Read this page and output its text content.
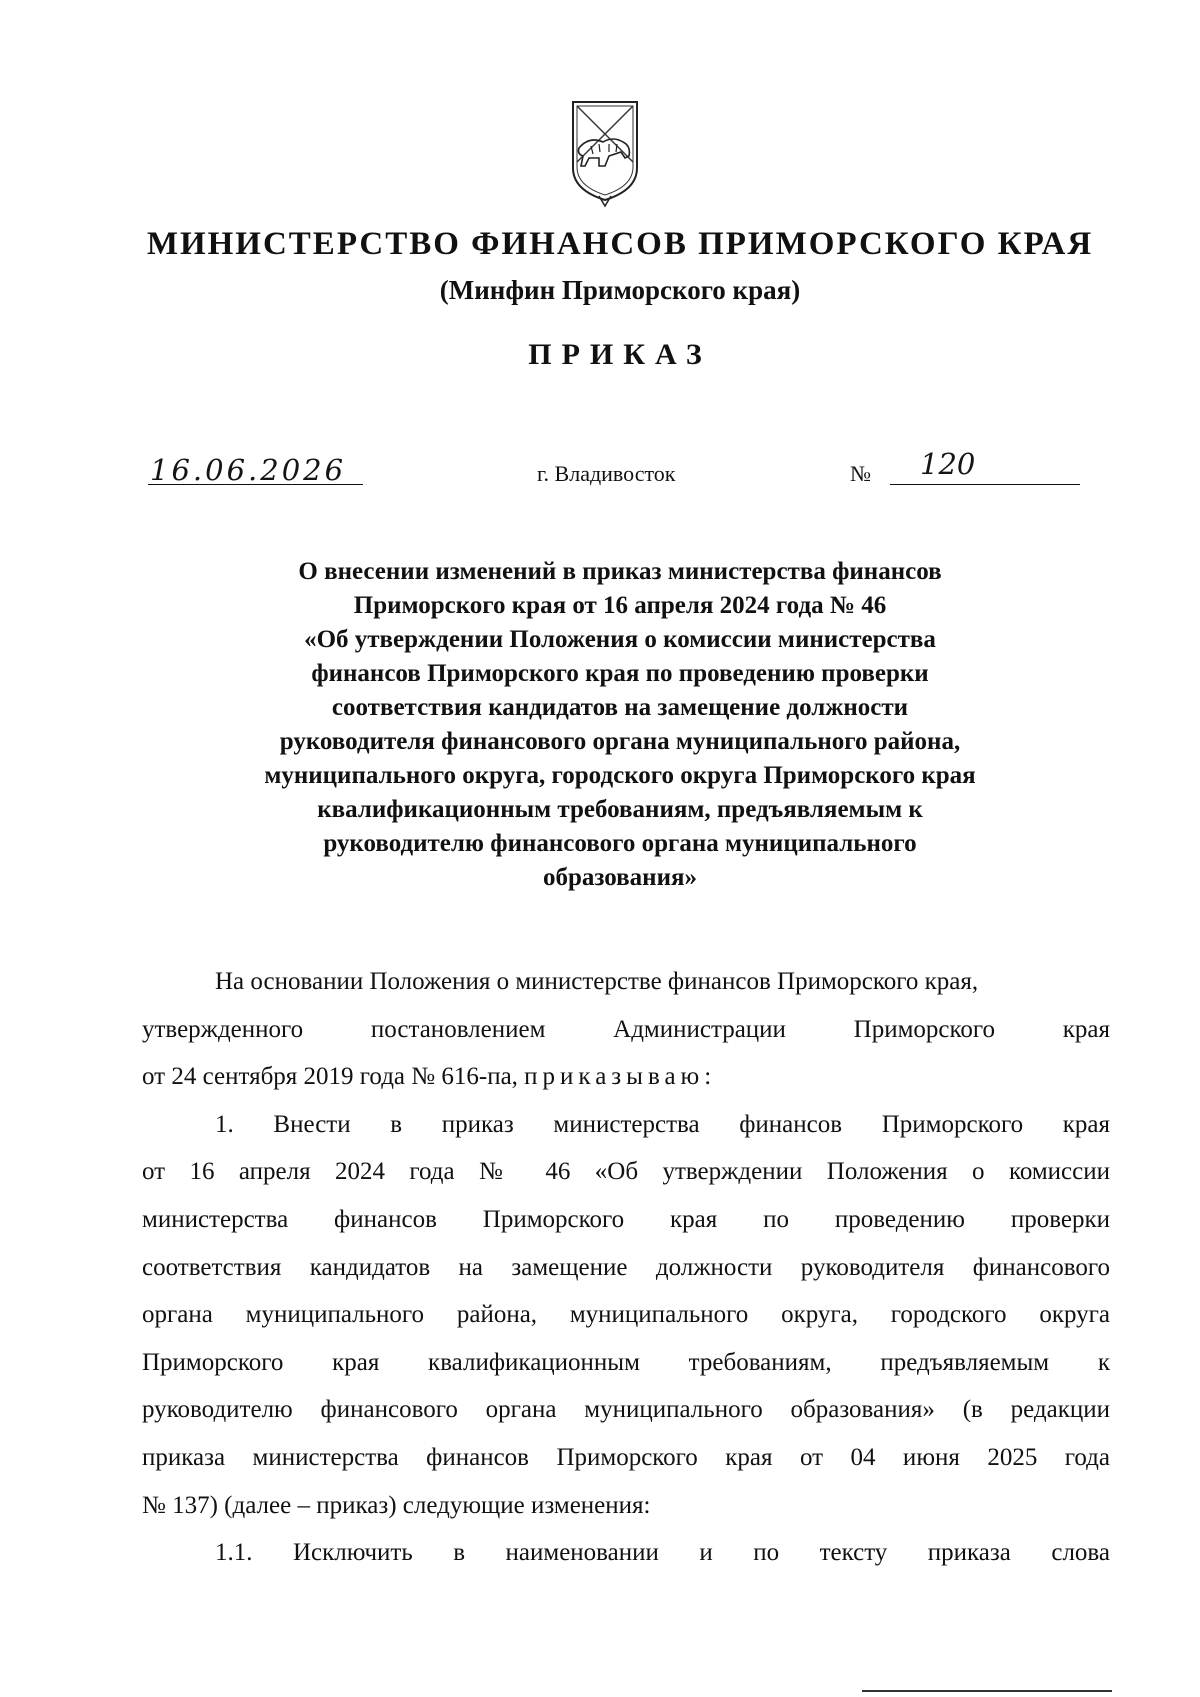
МИНИСТЕРСТВО ФИНАНСОВ ПРИМОРСКОГО КРАЯ
(Минфин Приморского края)
ПРИКАЗ
16.06.2026	г. Владивосток	№ 120
О внесении изменений в приказ министерства финансов
Приморского края от 16 апреля 2024 года № 46
«Об утверждении Положения о комиссии министерства
финансов Приморского края по проведению проверки
соответствия кандидатов на замещение должности
руководителя финансового органа муниципального района,
муниципального округа, городского округа Приморского края
квалификационным требованиям, предъявляемым к
руководителю финансового органа муниципального
образования»
На основании Положения о министерстве финансов Приморского края,
утвержденного постановлением Администрации Приморского края
от 24 сентября 2019 года № 616-па, приказываю:
1. Внести в приказ министерства финансов Приморского края
от 16 апреля 2024 года № 46 «Об утверждении Положения о комиссии
министерства финансов Приморского края по проведению проверки
соответствия кандидатов на замещение должности руководителя финансового
органа муниципального района, муниципального округа, городского округа
Приморского края квалификационным требованиям, предъявляемым к
руководителю финансового органа муниципального образования» (в редакции
приказа министерства финансов Приморского края от 04 июня 2025 года
№ 137) (далее – приказ) следующие изменения:
1.1. Исключить в наименовании и по тексту приказа слова
